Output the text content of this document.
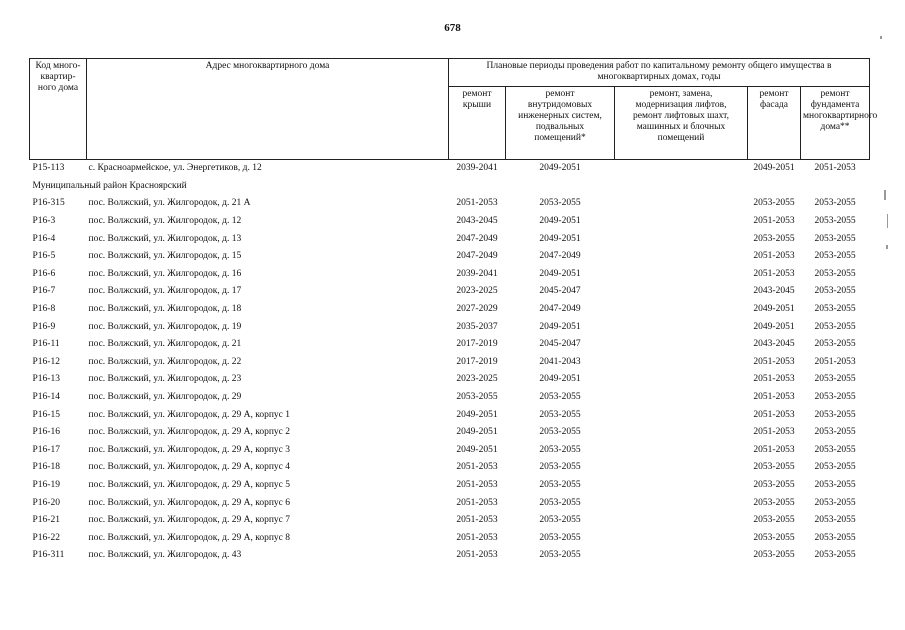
678
Код много-
квартир-
ного дома	Адрес многоквартирного дома	Плановые периоды проведения работ по капитальному ремонту общего имущества в многоквартирных домах, годы				
		ремонт
крыши	ремонт
внутридомовых
инженерных систем,
подвальных
помещений*	ремонт, замена,
модернизация лифтов,
ремонт лифтовых шахт,
машинных и блочных
помещений	ремонт
фасада	ремонт фундамента
многоквартирного
дома**
Р15-113	с. Красноармейское, ул. Энергетиков, д. 12	2039-2041	2049-2051		2049-2051	2051-2053
Муниципальный район Красноярский						
Р16-315	пос. Волжский, ул. Жилгородок, д. 21 А	2051-2053	2053-2055		2053-2055	2053-2055
Р16-3	пос. Волжский, ул. Жилгородок, д. 12	2043-2045	2049-2051		2051-2053	2053-2055
Р16-4	пос. Волжский, ул. Жилгородок, д. 13	2047-2049	2049-2051		2053-2055	2053-2055
Р16-5	пос. Волжский, ул. Жилгородок, д. 15	2047-2049	2047-2049		2051-2053	2053-2055
Р16-6	пос. Волжский, ул. Жилгородок, д. 16	2039-2041	2049-2051		2051-2053	2053-2055
Р16-7	пос. Волжский, ул. Жилгородок, д. 17	2023-2025	2045-2047		2043-2045	2053-2055
Р16-8	пос. Волжский, ул. Жилгородок, д. 18	2027-2029	2047-2049		2049-2051	2053-2055
Р16-9	пос. Волжский, ул. Жилгородок, д. 19	2035-2037	2049-2051		2049-2051	2053-2055
Р16-11	пос. Волжский, ул. Жилгородок, д. 21	2017-2019	2045-2047		2043-2045	2053-2055
Р16-12	пос. Волжский, ул. Жилгородок, д. 22	2017-2019	2041-2043		2051-2053	2051-2053
Р16-13	пос. Волжский, ул. Жилгородок, д. 23	2023-2025	2049-2051		2051-2053	2053-2055
Р16-14	пос. Волжский, ул. Жилгородок, д. 29	2053-2055	2053-2055		2051-2053	2053-2055
Р16-15	пос. Волжский, ул. Жилгородок, д. 29 А, корпус 1	2049-2051	2053-2055		2051-2053	2053-2055
Р16-16	пос. Волжский, ул. Жилгородок, д. 29 А, корпус 2	2049-2051	2053-2055		2051-2053	2053-2055
Р16-17	пос. Волжский, ул. Жилгородок, д. 29 А, корпус 3	2049-2051	2053-2055		2051-2053	2053-2055
Р16-18	пос. Волжский, ул. Жилгородок, д. 29 А, корпус 4	2051-2053	2053-2055		2053-2055	2053-2055
Р16-19	пос. Волжский, ул. Жилгородок, д. 29 А, корпус 5	2051-2053	2053-2055		2053-2055	2053-2055
Р16-20	пос. Волжский, ул. Жилгородок, д. 29 А, корпус 6	2051-2053	2053-2055		2053-2055	2053-2055
Р16-21	пос. Волжский, ул. Жилгородок, д. 29 А, корпус 7	2051-2053	2053-2055		2053-2055	2053-2055
Р16-22	пос. Волжский, ул. Жилгородок, д. 29 А, корпус 8	2051-2053	2053-2055		2053-2055	2053-2055
Р16-311	пос. Волжский, ул. Жилгородок, д. 43	2051-2053	2053-2055		2053-2055	2053-2055
